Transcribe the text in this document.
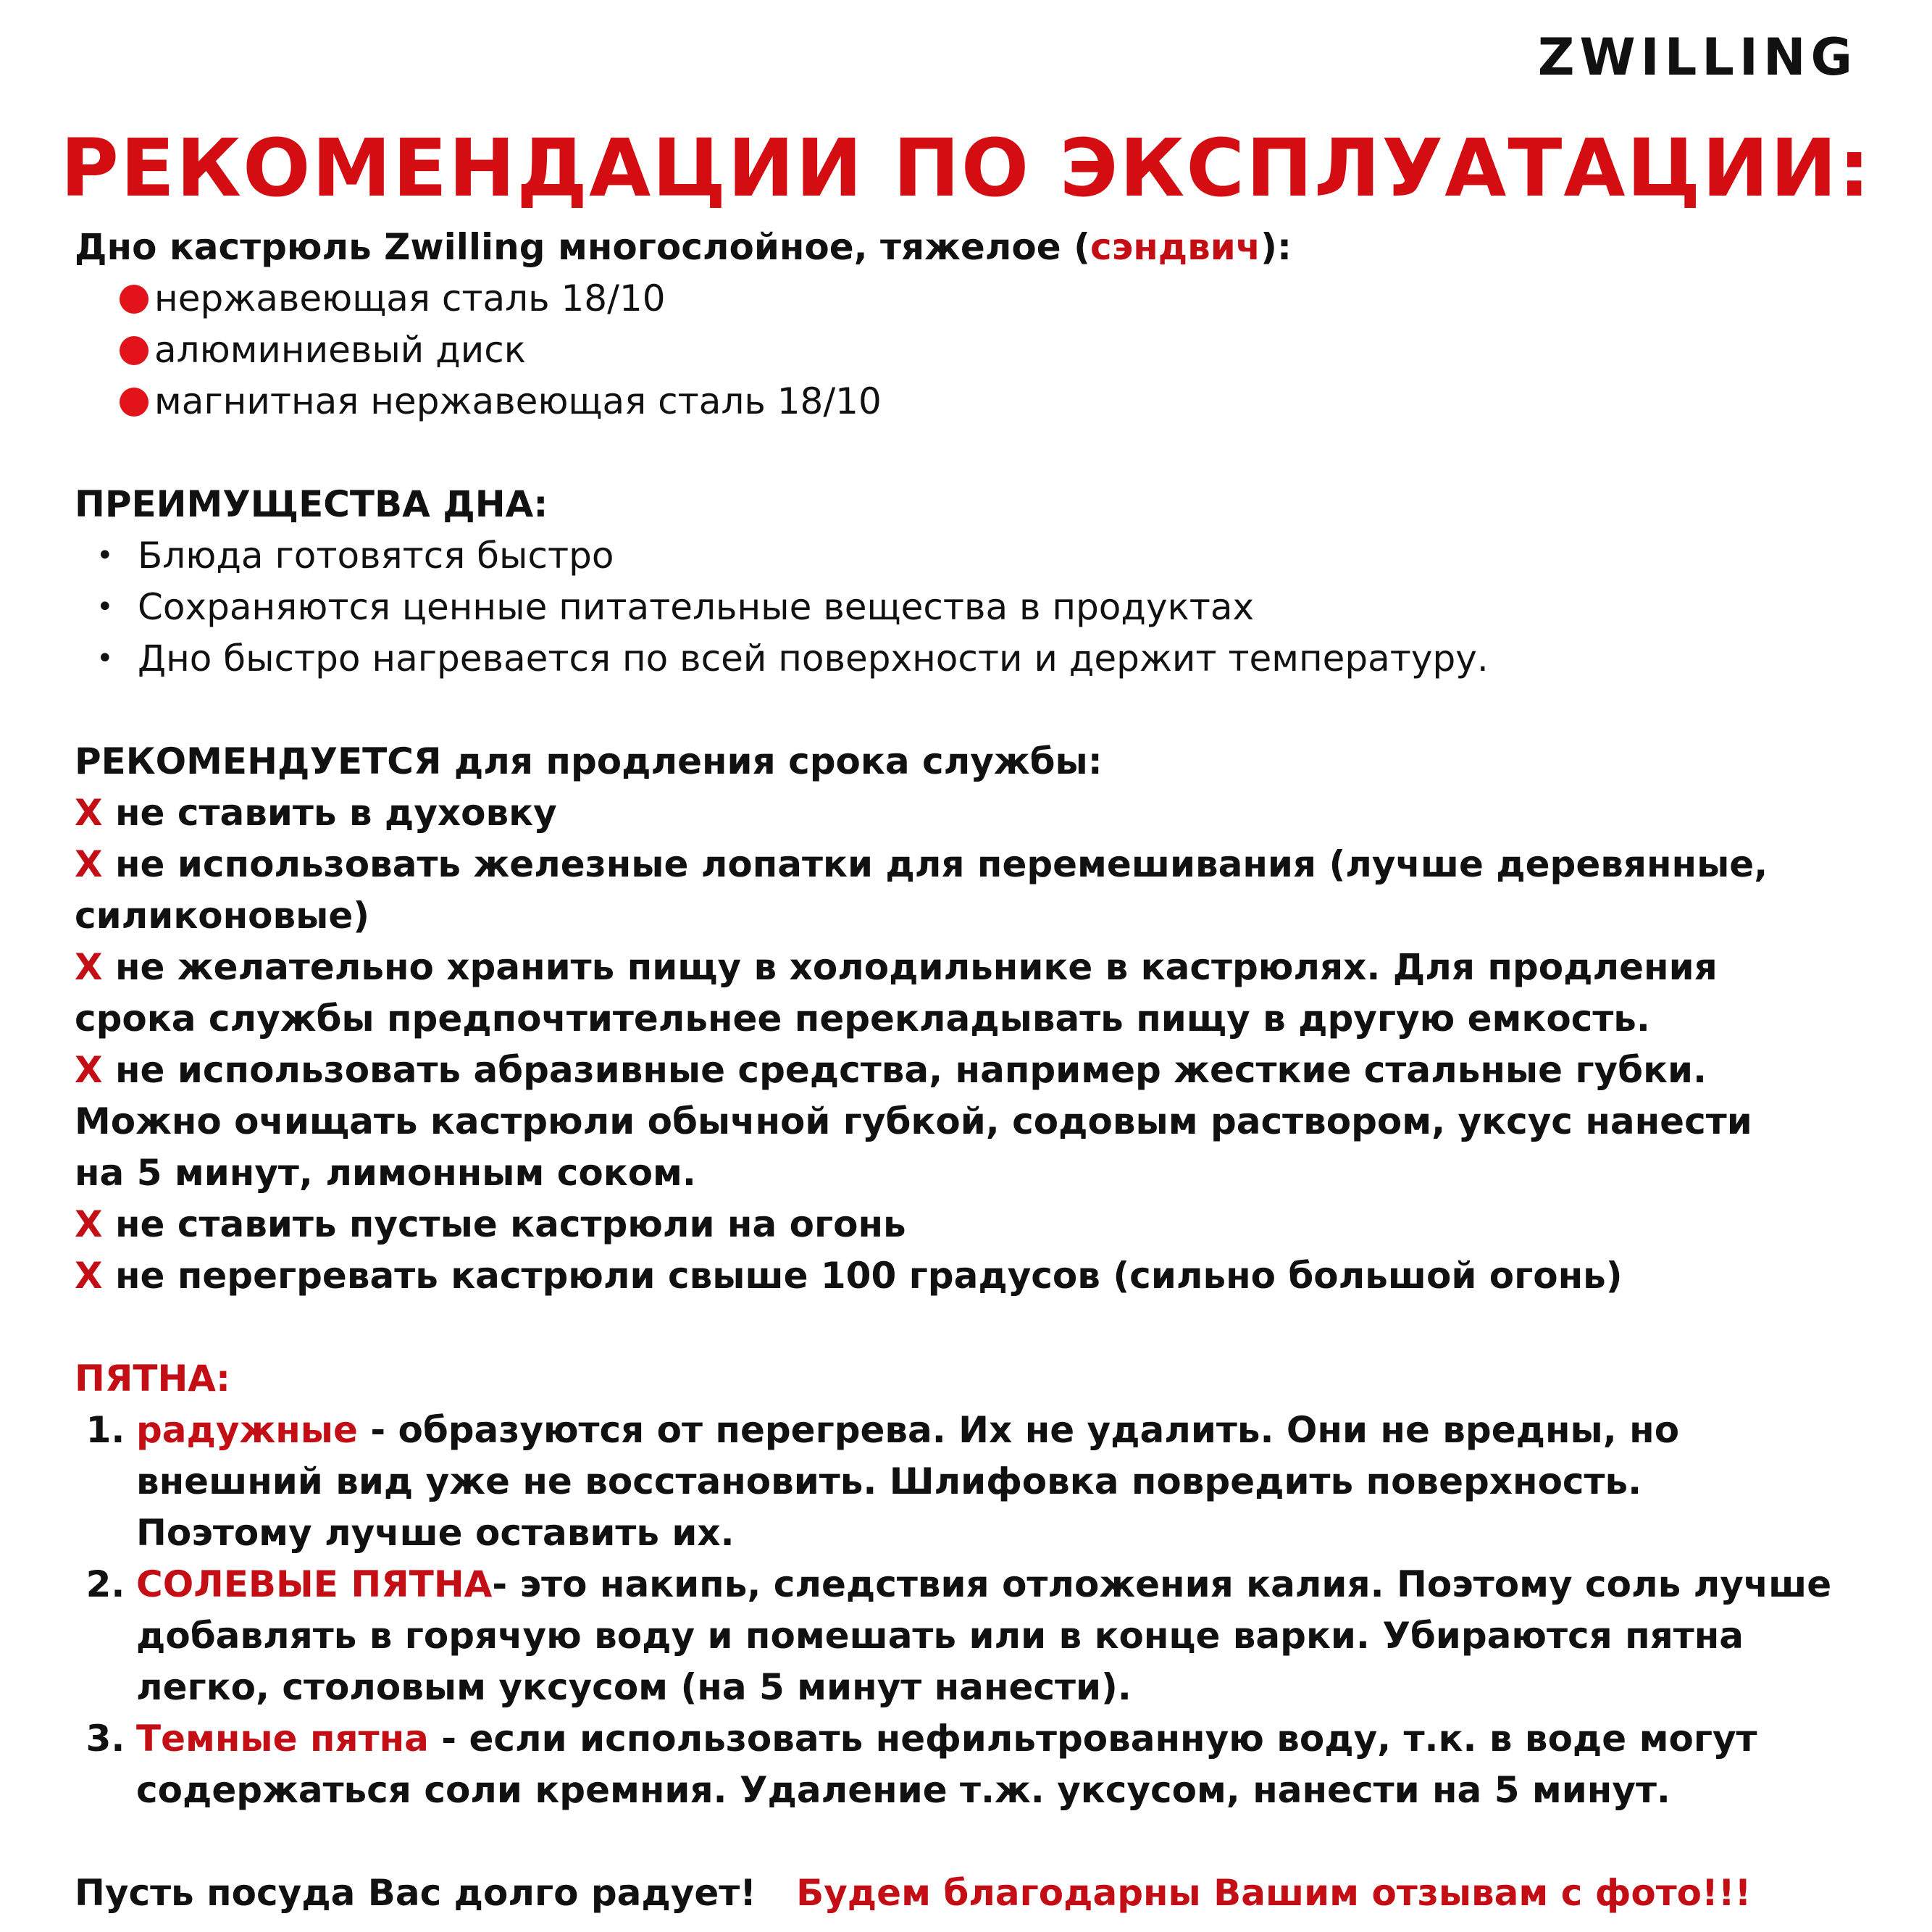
ZWILLING
РЕКОМЕНДАЦИИ ПО ЭКСПЛУАТАЦИИ:
Дно кастрюль Zwilling многослойное, тяжелое (сэндвич):
нержавеющая сталь 18/10
алюминиевый диск
магнитная нержавеющая сталь 18/10
ПРЕИМУЩЕСТВА ДНА:
• Блюда готовятся быстро
• Сохраняются ценные питательные вещества в продуктах
• Дно быстро нагревается по всей поверхности и держит температуру.
РЕКОМЕНДУЕТСЯ для продления срока службы:
X не ставить в духовку
X не использовать железные лопатки для перемешивания (лучше деревянные,
силиконовые)
X не желательно хранить пищу в холодильнике в кастрюлях. Для продления
срока службы предпочтительнее перекладывать пищу в другую емкость.
X не использовать абразивные средства, например жесткие стальные губки.
Можно очищать кастрюли обычной губкой, содовым раствором, уксус нанести
на 5 минут, лимонным соком.
X не ставить пустые кастрюли на огонь
X не перегревать кастрюли свыше 100 градусов (сильно большой огонь)
ПЯТНА:
1. радужные - образуются от перегрева. Их не удалить. Они не вредны, но
внешний вид уже не восстановить. Шлифовка повредить поверхность.
Поэтому лучше оставить их.
2. СОЛЕВЫЕ ПЯТНА- это накипь, следствия отложения калия. Поэтому соль лучше
добавлять в горячую воду и помешать или в конце варки. Убираются пятна
легко, столовым уксусом (на 5 минут нанести).
3. Темные пятна - если использовать нефильтрованную воду, т.к. в воде могут
содержаться соли кремния. Удаление т.ж. уксусом, нанести на 5 минут.
Пусть посуда Вас долго радует! Будем благодарны Вашим отзывам с фото!!!
